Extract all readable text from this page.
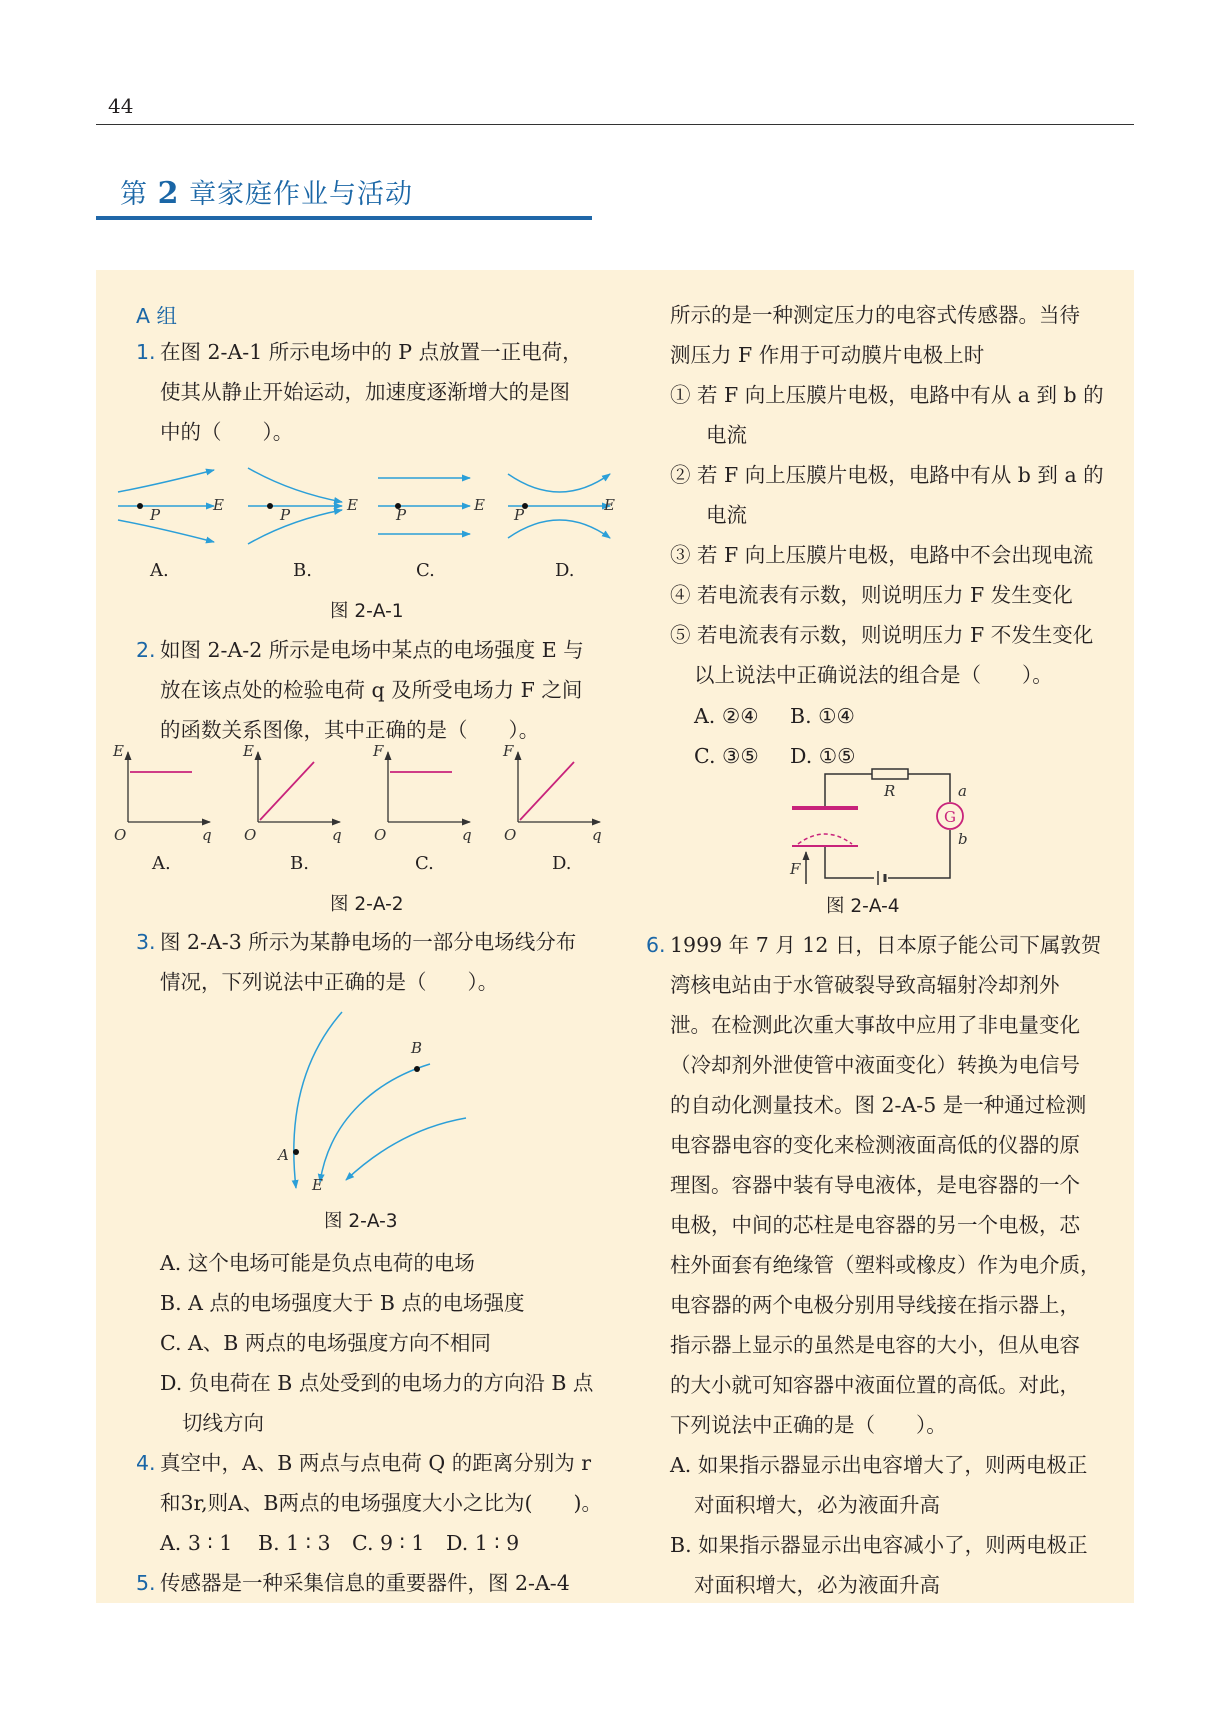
44
第 2 章家庭作业与活动
A 组
1. 在图 2-A-1 所示电场中的 P 点放置一正电荷，
使其从静止开始运动，加速度逐渐增大的是图
中的（　　）。
P	P	P	P
E	E	E	E
A.	B.	C.	D.
图 2-A-1
2. 如图 2-A-2 所示是电场中某点的电场强度 E 与
放在该点处的检验电荷 q 及所受电场力 F 之间
的函数关系图像，其中正确的是（　　）。
E
q
O
E
q
O
F
q
O
F
q
O
A.	B.	C.	D.
图 2-A-2
3. 图 2-A-3 所示为某静电场的一部分电场线分布
情况，下列说法中正确的是（　　）。
A
B
E
图 2-A-3
A. 这个电场可能是负点电荷的电场
B. A 点的电场强度大于 B 点的电场强度
C. A、B 两点的电场强度方向不相同
D. 负电荷在 B 点处受到的电场力的方向沿 B 点
切线方向
4. 真空中，A、B 两点与点电荷 Q 的距离分别为 r
和3r,则A、B两点的电场强度大小之比为(　　)。
A. 3 ∶ 1 B. 1 ∶ 3 C. 9 ∶ 1 D. 1 ∶ 9
5. 传感器是一种采集信息的重要器件，图 2-A-4
所示的是一种测定压力的电容式传感器。当待
测压力 F 作用于可动膜片电极上时
① 若 F 向上压膜片电极，电路中有从 a 到 b 的
电流
② 若 F 向上压膜片电极，电路中有从 b 到 a 的
电流
③ 若 F 向上压膜片电极，电路中不会出现电流
④ 若电流表有示数，则说明压力 F 发生变化
⑤ 若电流表有示数，则说明压力 F 不发生变化
以上说法中正确说法的组合是（　　）。
A. ②④ B. ①④
C. ③⑤ D. ①⑤
R
G
a
b
F
图 2-A-4
6. 1999 年 7 月 12 日，日本原子能公司下属敦贺
湾核电站由于水管破裂导致高辐射冷却剂外
泄。在检测此次重大事故中应用了非电量变化
（冷却剂外泄使管中液面变化）转换为电信号
的自动化测量技术。图 2-A-5 是一种通过检测
电容器电容的变化来检测液面高低的仪器的原
理图。容器中装有导电液体，是电容器的一个
电极，中间的芯柱是电容器的另一个电极，芯
柱外面套有绝缘管（塑料或橡皮）作为电介质，
电容器的两个电极分别用导线接在指示器上，
指示器上显示的虽然是电容的大小，但从电容
的大小就可知容器中液面位置的高低。对此，
下列说法中正确的是（　　）。
A. 如果指示器显示出电容增大了，则两电极正
对面积增大，必为液面升高
B. 如果指示器显示出电容减小了，则两电极正
对面积增大，必为液面升高
